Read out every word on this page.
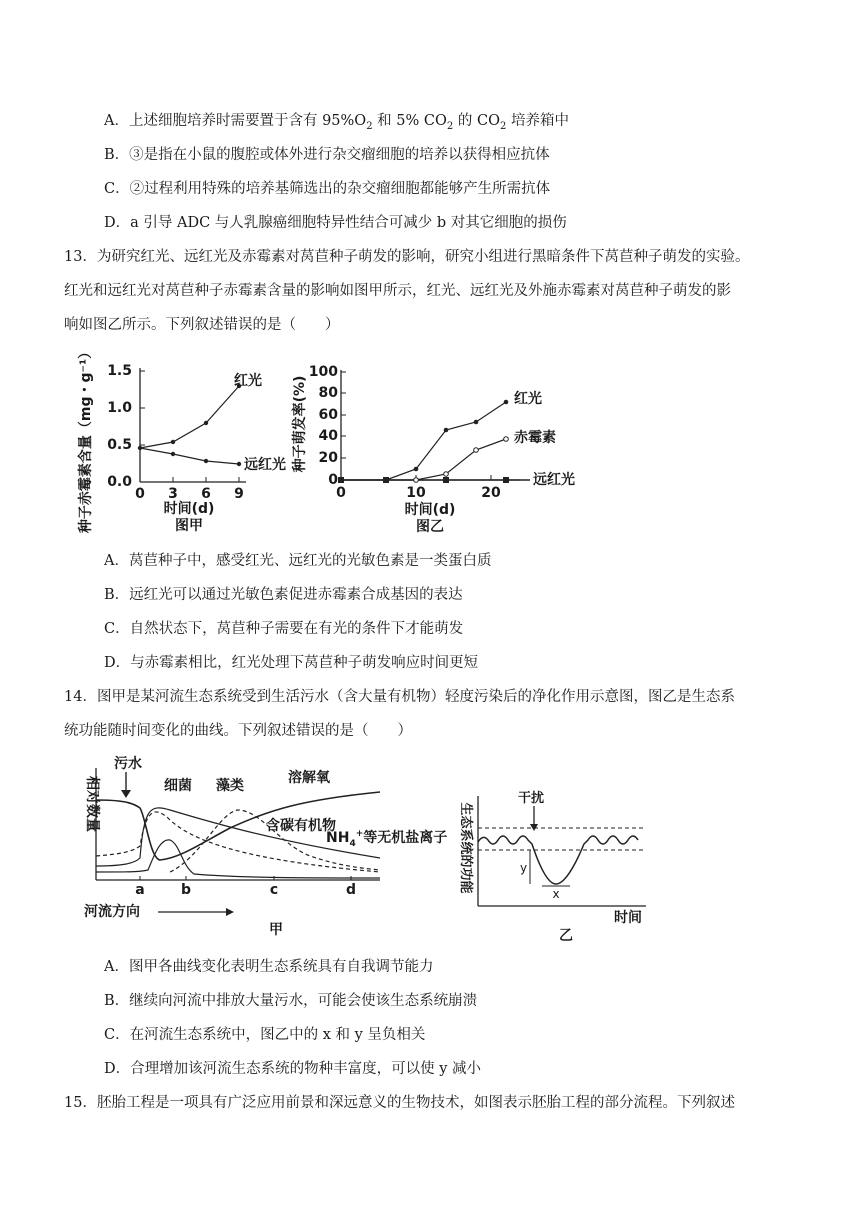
A．上述细胞培养时需要置于含有 $95\%O_2$ 和 5% $CO_2$ 的 $CO_2$ 培养箱中
B．③是指在小鼠的腹腔或体外进行杂交瘤细胞的培养以获得相应抗体
C．②过程利用特殊的培养基筛选出的杂交瘤细胞都能够产生所需抗体
D．a 引导 ADC 与人乳腺癌细胞特异性结合可减少 b 对其它细胞的损伤
13．为研究红光、远红光及赤霉素对莴苣种子萌发的影响，研究小组进行黑暗条件下莴苣种子萌发的实验。
红光和远红光对莴苣种子赤霉素含量的影响如图甲所示，红光、远红光及外施赤霉素对莴苣种子萌发的影
响如图乙所示。下列叙述错误的是（　　）
种子赤霉素含量（mg・g⁻¹） 1.5
1.0
0.5
0.0
0 3 6 9
时间(d)
图甲
红光
远红光 种子萌发率(%)
100
80
60
40
20
0
0	10	20
时间(d)
图乙
红光
赤霉素
远红光
A．莴苣种子中，感受红光、远红光的光敏色素是一类蛋白质
B．远红光可以通过光敏色素促进赤霉素合成基因的表达
C．自然状态下，莴苣种子需要在有光的条件下才能萌发
D．与赤霉素相比，红光处理下莴苣种子萌发响应时间更短
14．图甲是某河流生态系统受到生活污水（含大量有机物）轻度污染后的净化作用示意图，图乙是生态系
统功能随时间变化的曲线。下列叙述错误的是（　　）
相对数量
污水
细菌 藻类	溶解氧
含碳有机物
$NH_4^+$等无机盐离子
a	b	c	d
河流方向
甲
生态系统的功能
干扰
y
x
时间
乙
A．图甲各曲线变化表明生态系统具有自我调节能力
B．继续向河流中排放大量污水，可能会使该生态系统崩溃
C．在河流生态系统中，图乙中的 x 和 y 呈负相关
D．合理增加该河流生态系统的物种丰富度，可以使 y 减小
15．胚胎工程是一项具有广泛应用前景和深远意义的生物技术，如图表示胚胎工程的部分流程。下列叙述
